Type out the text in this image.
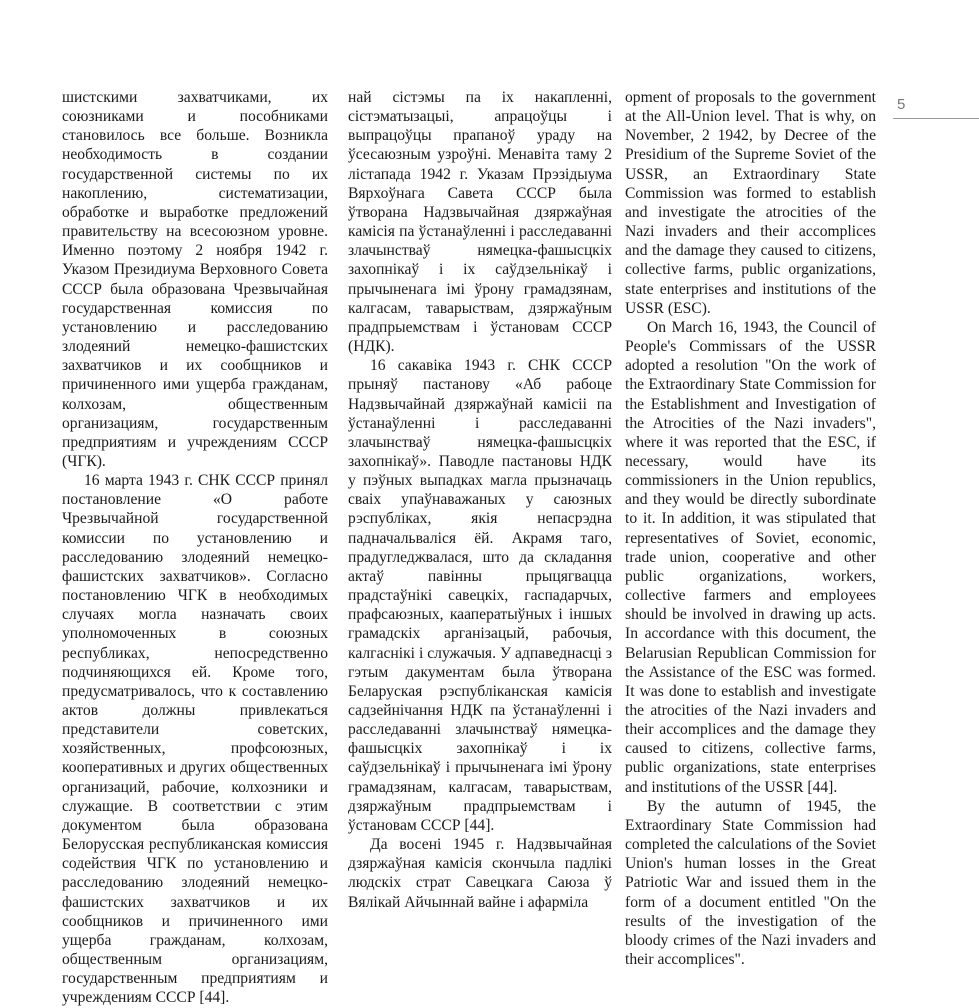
5

шистскими захватчиками, их союзниками и пособниками становилось все больше. Возникла необходимость в создании государственной системы по их накоплению, систематизации, обработке и выработке предложений правительству на всесоюзном уровне. Именно поэтому 2 ноября 1942 г. Указом Президиума Верховного Совета СССР была образована Чрезвычайная государственная комиссия по установлению и расследованию злодеяний немецко-фашистских захватчиков и их сообщников и причиненного ими ущерба гражданам, колхозам, общественным организациям, государственным предприятиям и учреждениям СССР (ЧГК).

16 марта 1943 г. СНК СССР принял постановление «О работе Чрезвычайной государственной комиссии по установлению и расследованию злодеяний немецко-фашистских захватчиков». Согласно постановлению ЧГК в необходимых случаях могла назначать своих уполномоченных в союзных республиках, непосредственно подчиняющихся ей. Кроме того, предусматривалось, что к составлению актов должны привлекаться представители советских, хозяйственных, профсоюзных, кооперативных и других общественных организаций, рабочие, колхозники и служащие. В соответствии с этим документом была образована Белорусская республиканская комиссия содействия ЧГК по установлению и расследованию злодеяний немецко-фашистских захватчиков и их сообщников и причиненного ими ущерба гражданам, колхозам, общественным организациям, государственным предприятиям и учреждениям СССР [44].

най сістэмы па іх накапленні, сістэматызацыі, апрацоўцы і выпрацоўцы прапаноў ураду на ўсесаюзным узроўні. Менавіта таму 2 лістапада 1942 г. Указам Прэзідыума Вярхоўнага Савета СССР была ўтворана Надзвычайная дзяржаўная камісія па ўстанаўленні і расследаванні злачынстваў нямецка-фашысцкіх захопнікаў і іх саўдзельнікаў і прычыненага імі ўрону грамадзянам, калгасам, таварыствам, дзяржаўным прадпрыемствам і ўстановам СССР (НДК).

16 сакавіка 1943 г. СНК СССР прыняў пастанову «Аб рабоце Надзвычайнай дзяржаўнай камісіі па ўстанаўленні і расследаванні злачынстваў нямецка-фашысцкіх захопнікаў». Паводле пастановы НДК у пэўных выпадках магла прызначаць сваіх упаўнаважаных у саюзных рэспубліках, якія непасрэдна падначальваліся ёй. Акрамя таго, прадугледжвалася, што да складання актаў павінны прыцягвацца прадстаўнікі савецкіх, гаспадарчых, прафсаюзных, кааператыўных і іншых грамадскіх арганізацый, рабочыя, калгаснікі і служачыя. У адпаведнасці з гэтым дакументам была ўтворана Беларуская рэспубліканская камісія садзейнічання НДК па ўстанаўленні і расследаванні злачынстваў нямецка-фашысцкіх захопнікаў і іх саўдзельнікаў і прычыненага імі ўрону грамадзянам, калгасам, таварыствам, дзяржаўным прадпрыемствам і ўстановам СССР [44].

Да восені 1945 г. Надзвычайная дзяржаўная камісія скончыла падлікі людскіх страт Савецкага Саюза ў Вялікай Айчыннай вайне і афармiла

opment of proposals to the government at the All-Union level. That is why, on November, 2 1942, by Decree of the Presidium of the Supreme Soviet of the USSR, an Extraordinary State Commission was formed to establish and investigate the atrocities of the Nazi invaders and their accomplices and the damage they caused to citizens, collective farms, public organizations, state enterprises and institutions of the USSR (ESC).

On March 16, 1943, the Council of People's Commissars of the USSR adopted a resolution "On the work of the Extraordinary State Commission for the Establishment and Investigation of the Atrocities of the Nazi invaders", where it was reported that the ESC, if necessary, would have its commissioners in the Union republics, and they would be directly subordinate to it. In addition, it was stipulated that representatives of Soviet, economic, trade union, cooperative and other public organizations, workers, collective farmers and employees should be involved in drawing up acts. In accordance with this document, the Belarusian Republican Commission for the Assistance of the ESC was formed. It was done to establish and investigate the atrocities of the Nazi invaders and their accomplices and the damage they caused to citizens, collective farms, public organizations, state enterprises and institutions of the USSR [44].

By the autumn of 1945, the Extraordinary State Commission had completed the calculations of the Soviet Union's human losses in the Great Patriotic War and issued them in the form of a document entitled "On the results of the investigation of the bloody crimes of the Nazi invaders and their accomplices".
